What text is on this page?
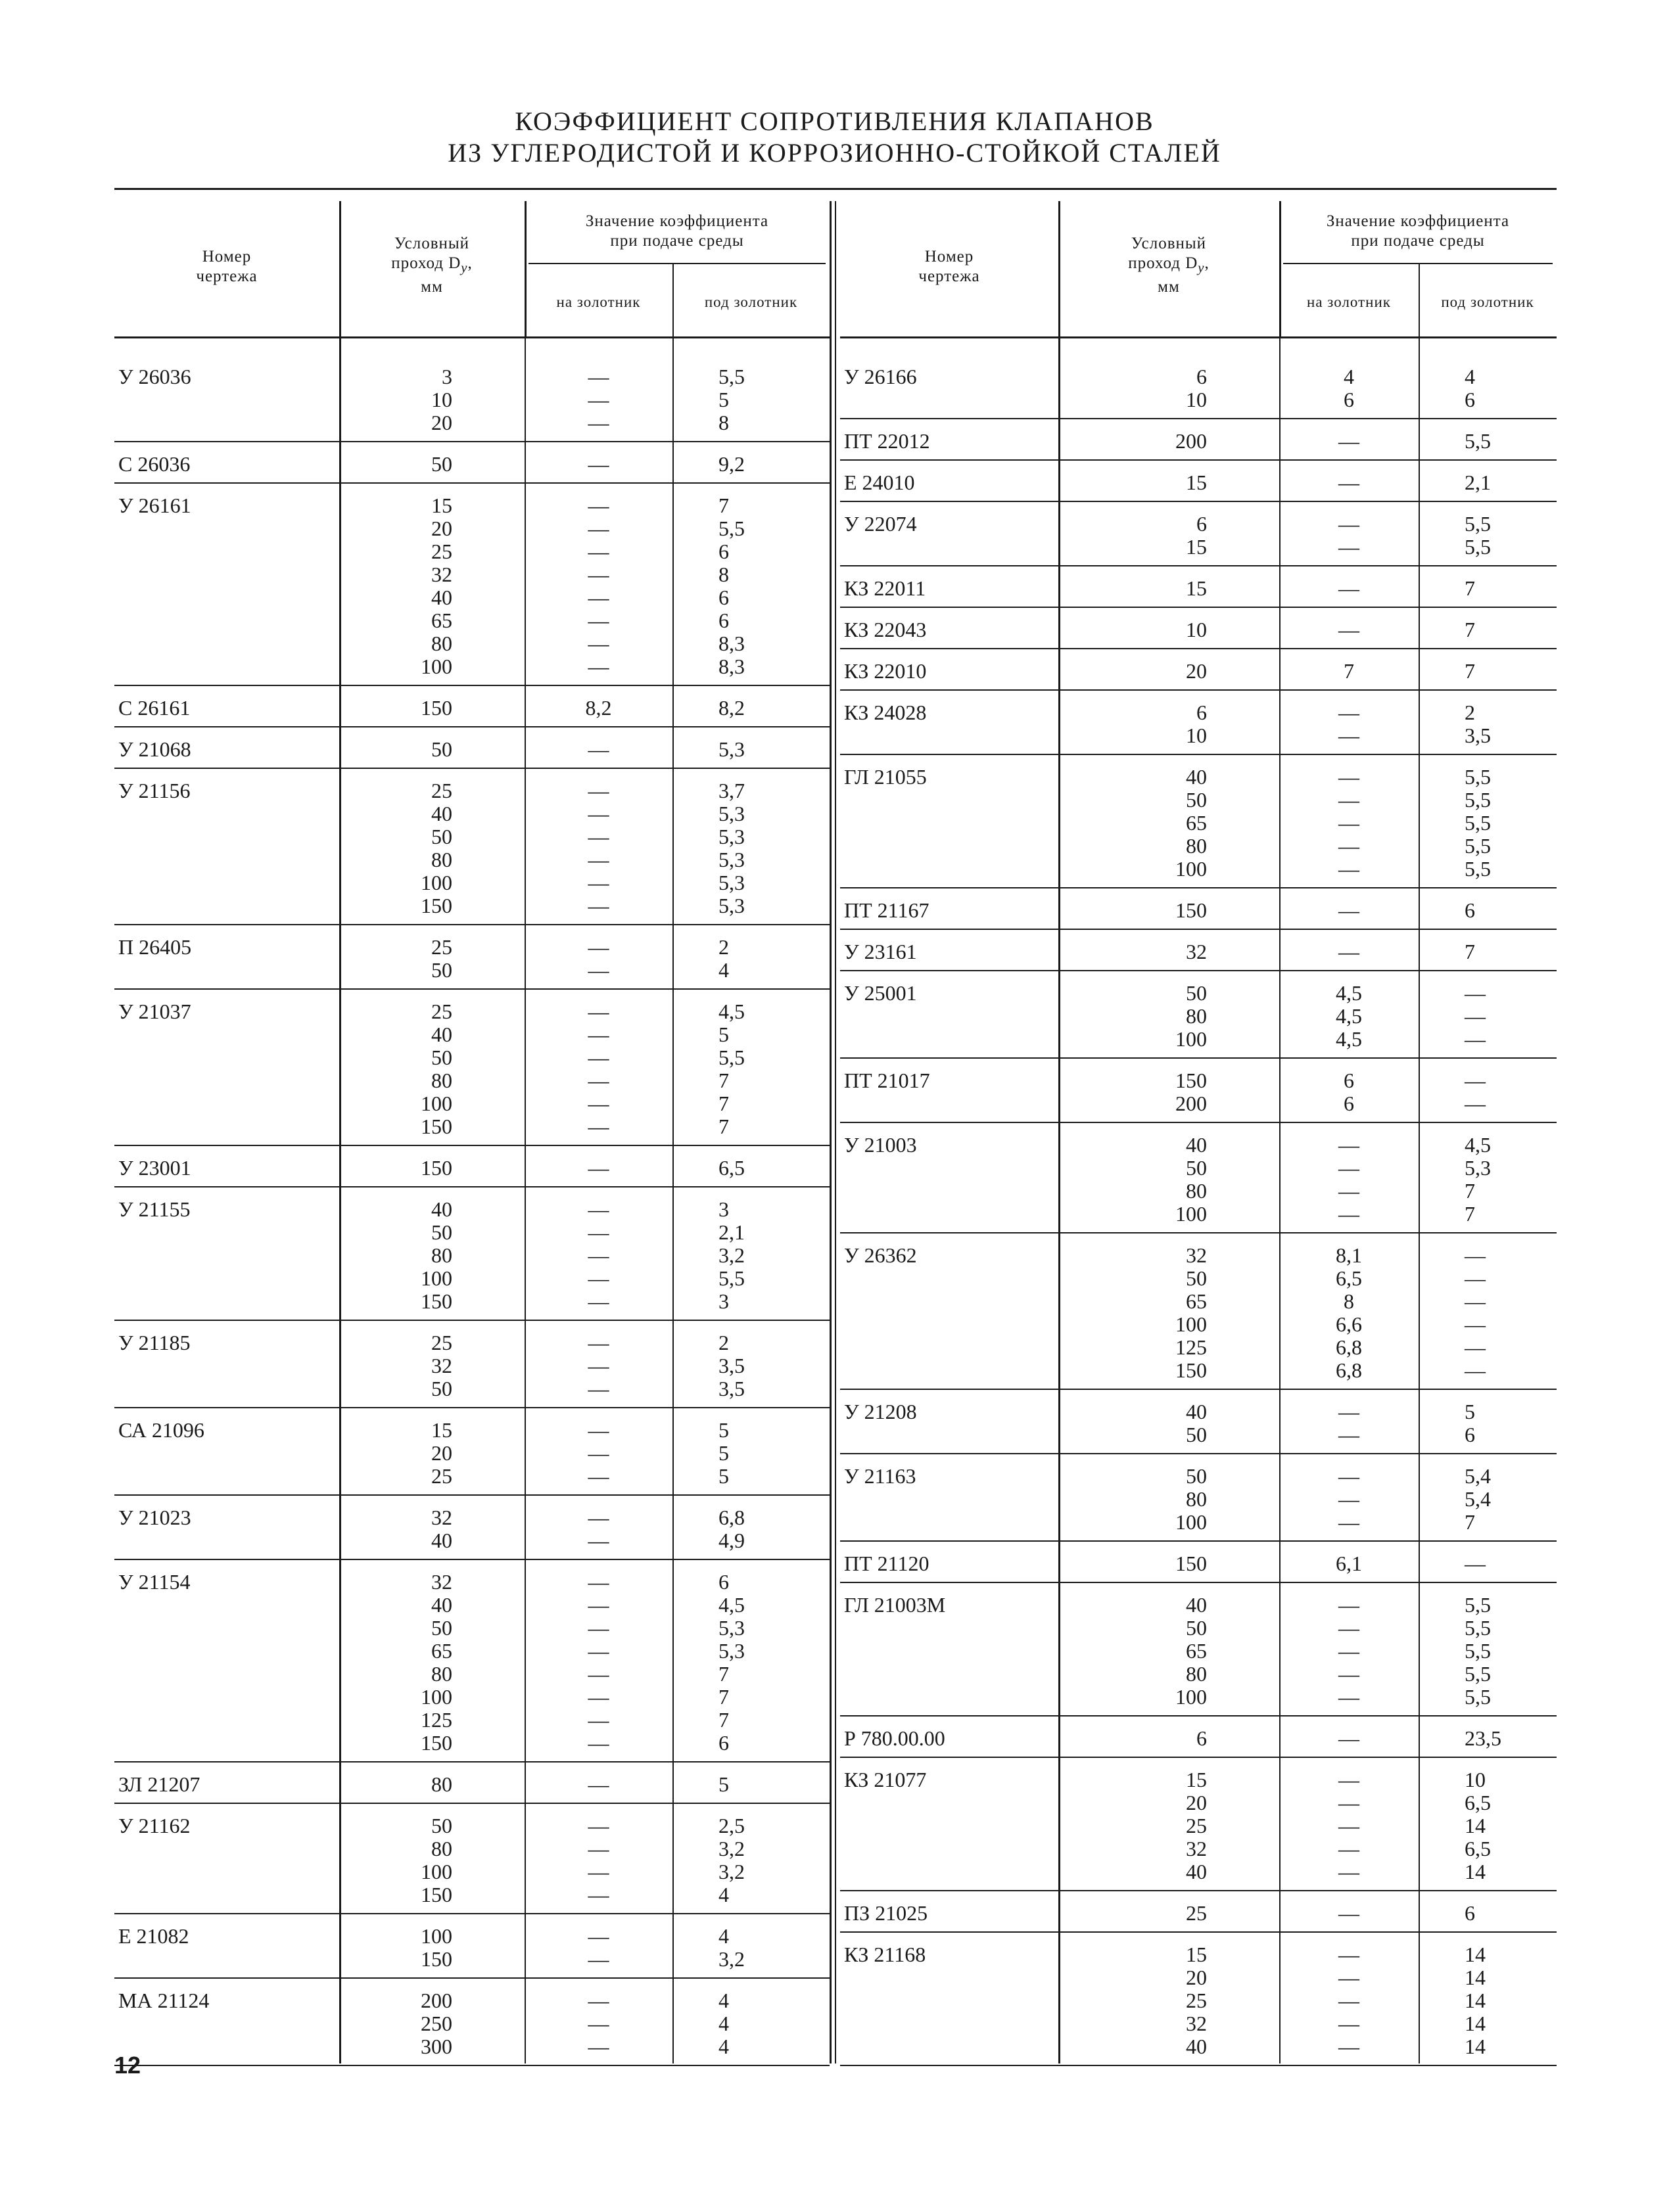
КОЭФФИЦИЕНТ СОПРОТИВЛЕНИЯ КЛАПАНОВ
ИЗ УГЛЕРОДИСТОЙ И КОРРОЗИОННО-СТОЙКОЙ СТАЛЕЙ
Номер
чертежа
Условный
проход $D_у$,
мм
Значение коэффициента
при подаче среды
на золотник	под золотник
У 26036	3	—	5,5
10	—	5
20	—	8
С 26036	50	—	9,2
У 26161	15	—	7
20	—	5,5
25	—	6
32	—	8
40	—	6
65	—	6
80	—	8,3
100	—	8,3
С 26161	150	8,2	8,2
У 21068	50	—	5,3
У 21156	25	—	3,7
40	—	5,3
50	—	5,3
80	—	5,3
100	—	5,3
150	—	5,3
П 26405	25	—	2
50	—	4
У 21037	25	—	4,5
40	—	5
50	—	5,5
80	—	7
100	—	7
150	—	7
У 23001	150	—	6,5
У 21155	40	—	3
50	—	2,1
80	—	3,2
100	—	5,5
150	—	3
У 21185	25	—	2
32	—	3,5
50	—	3,5
СА 21096	15	—	5
20	—	5
25	—	5
У 21023	32	—	6,8
40	—	4,9
У 21154	32	—	6
40	—	4,5
50	—	5,3
65	—	5,3
80	—	7
100	—	7
125	—	7
150	—	6
ЗЛ 21207	80	—	5
У 21162	50	—	2,5
80	—	3,2
100	—	3,2
150	—	4
Е 21082	100	—	4
150	—	3,2
МА 21124	200	—	4
250	—	4
300	—	4
Номер
чертежа
Условный
проход $D_у$,
мм
Значение коэффициента
при подаче среды
на золотник	под золотник
У 26166	6	4	4
10	6	6
ПТ 22012	200	—	5,5
Е 24010	15	—	2,1
У 22074	6	—	5,5
15	—	5,5
КЗ 22011	15	—	7
КЗ 22043	10	—	7
КЗ 22010	20	7	7
КЗ 24028	6	—	2
10	—	3,5
ГЛ 21055	40	—	5,5
50	—	5,5
65	—	5,5
80	—	5,5
100	—	5,5
ПТ 21167	150	—	6
У 23161	32	—	7
У 25001	50	4,5	—
80	4,5	—
100	4,5	—
ПТ 21017	150	6	—
200	6	—
У 21003	40	—	4,5
50	—	5,3
80	—	7
100	—	7
У 26362	32	8,1	—
50	6,5	—
65	8	—
100	6,6	—
125	6,8	—
150	6,8	—
У 21208	40	—	5
50	—	6
У 21163	50	—	5,4
80	—	5,4
100	—	7
ПТ 21120	150	6,1	—
ГЛ 21003М	40	—	5,5
50	—	5,5
65	—	5,5
80	—	5,5
100	—	5,5
Р 780.00.00	6	—	23,5
КЗ 21077	15	—	10
20	—	6,5
25	—	14
32	—	6,5
40	—	14
ПЗ 21025	25	—	6
КЗ 21168	15	—	14
20	—	14
25	—	14
32	—	14
40	—	14
12
